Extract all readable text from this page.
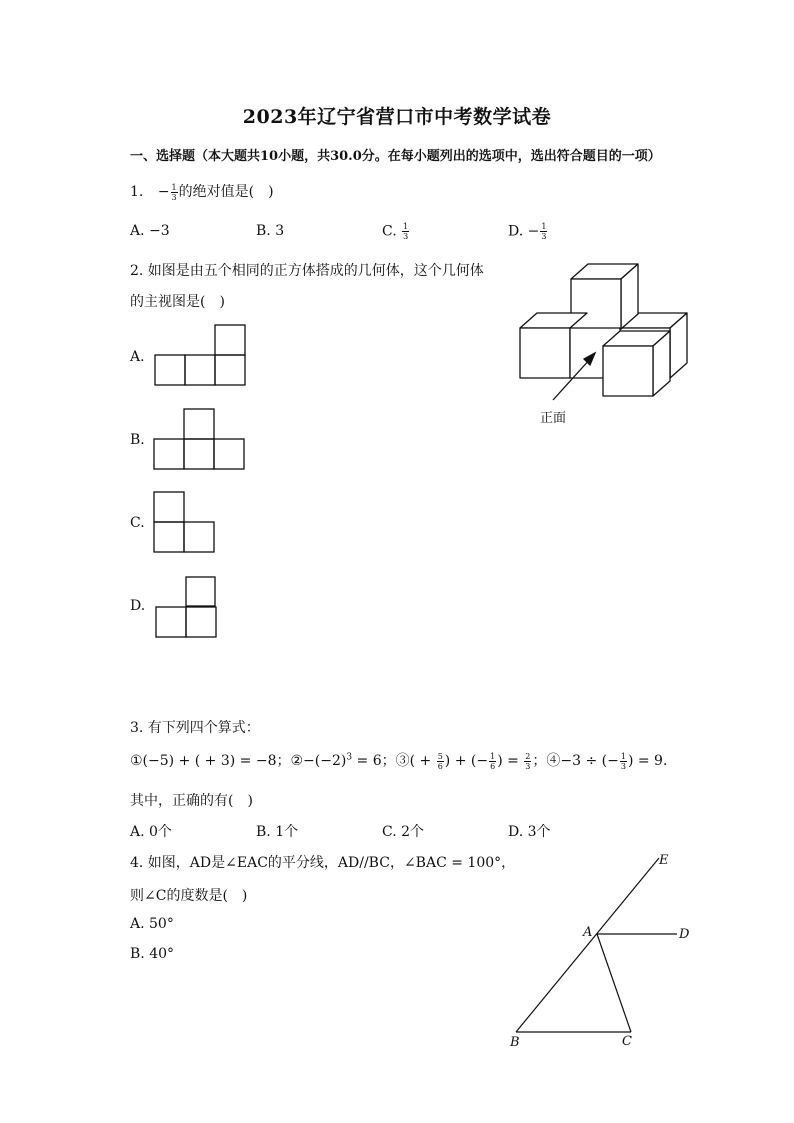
2023年辽宁省营口市中考数学试卷
一、选择题（本大题共10小题，共30.0分。在每小题列出的选项中，选出符合题目的一项）
1. − $\frac{1}{3}$ 的绝对值是( )
A. −3	B. 3	C. $\frac{1}{3}$	D. − $\frac{1}{3}$
2. 如图是由五个相同的正方体搭成的几何体，这个几何体
的主视图是( )
A.
B.
C.
D.
正面
3. 有下列四个算式：
①(−5) + ( + 3) = −8；$②-(-2)^3 = 6$；③( + $\frac{5}{6}$ ) + (− $\frac{1}{6}$ ) = $\frac{2}{3}$ ；④−3 ÷ (− $\frac{1}{3}$ ) = 9.
其中，正确的有( )
A. 0个	B. 1个	C. 2个	D. 3个
4. 如图，AD是∠EAC的平分线，AD//BC，∠BAC = 100°，
则∠C的度数是( )
A. 50°
B. 40°
E
A	D
B	C
